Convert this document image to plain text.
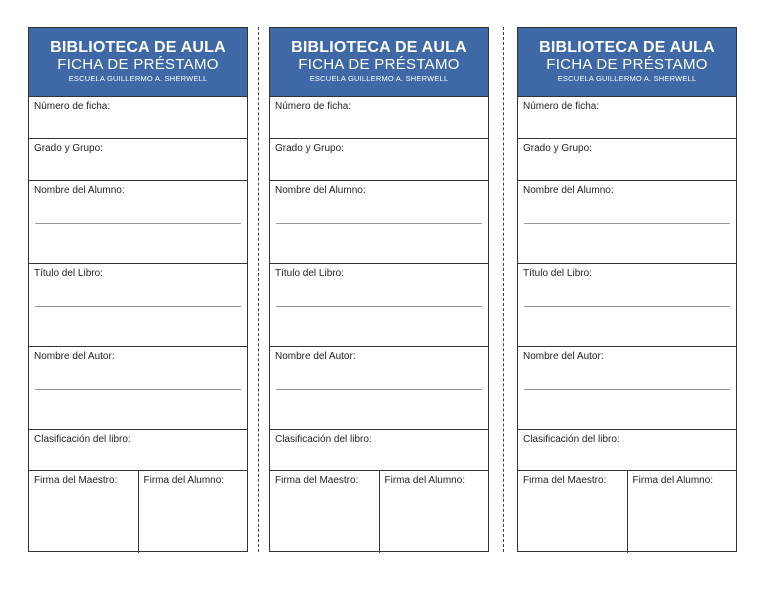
BIBLIOTECA DE AULA
FICHA DE PRÉSTAMO
ESCUELA GUILLERMO A. SHERWELL
Número de ficha:
Grado y Grupo:
Nombre del Alumno:
Título del Libro:
Nombre del Autor:
Clasificación del libro:
Firma del Maestro:	Firma del Alumno:
BIBLIOTECA DE AULA
FICHA DE PRÉSTAMO
ESCUELA GUILLERMO A. SHERWELL
Número de ficha:
Grado y Grupo:
Nombre del Alumno:
Título del Libro:
Nombre del Autor:
Clasificación del libro:
Firma del Maestro:	Firma del Alumno:
BIBLIOTECA DE AULA
FICHA DE PRÉSTAMO
ESCUELA GUILLERMO A. SHERWELL
Número de ficha:
Grado y Grupo:
Nombre del Alumno:
Título del Libro:
Nombre del Autor:
Clasificación del libro:
Firma del Maestro:	Firma del Alumno:
